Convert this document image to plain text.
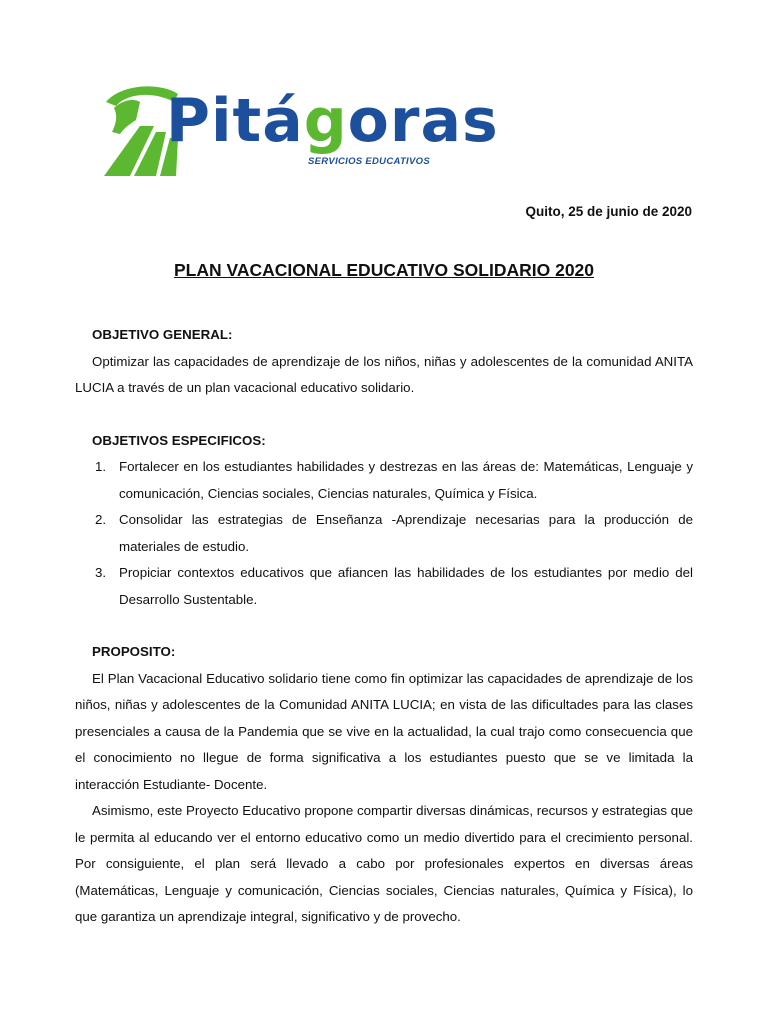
Pitágoras
SERVICIOS EDUCATIVOS
Quito, 25 de junio de 2020
PLAN VACACIONAL EDUCATIVO SOLIDARIO 2020

OBJETIVO GENERAL:

Optimizar las capacidades de aprendizaje de los niños, niñas y adolescentes de la comunidad ANITA LUCIA a través de un plan vacacional educativo solidario.

OBJETIVOS ESPECIFICOS:

1. Fortalecer en los estudiantes habilidades y destrezas en las áreas de: Matemáticas, Lenguaje y comunicación, Ciencias sociales, Ciencias naturales, Química y Física.
2. Consolidar las estrategias de Enseñanza -Aprendizaje necesarias para la producción de materiales de estudio.
3. Propiciar contextos educativos que afiancen las habilidades de los estudiantes por medio del Desarrollo Sustentable.

PROPOSITO:

El Plan Vacacional Educativo solidario tiene como fin optimizar las capacidades de aprendizaje de los niños, niñas y adolescentes de la Comunidad ANITA LUCIA; en vista de las dificultades para las clases presenciales a causa de la Pandemia que se vive en la actualidad, la cual trajo como consecuencia que el conocimiento no llegue de forma significativa a los estudiantes puesto que se ve limitada la interacción Estudiante- Docente.

Asimismo, este Proyecto Educativo propone compartir diversas dinámicas, recursos y estrategias que le permita al educando ver el entorno educativo como un medio divertido para el crecimiento personal. Por consiguiente, el plan será llevado a cabo por profesionales expertos en diversas áreas (Matemáticas, Lenguaje y comunicación, Ciencias sociales, Ciencias naturales, Química y Física), lo que garantiza un aprendizaje integral, significativo y de provecho.
